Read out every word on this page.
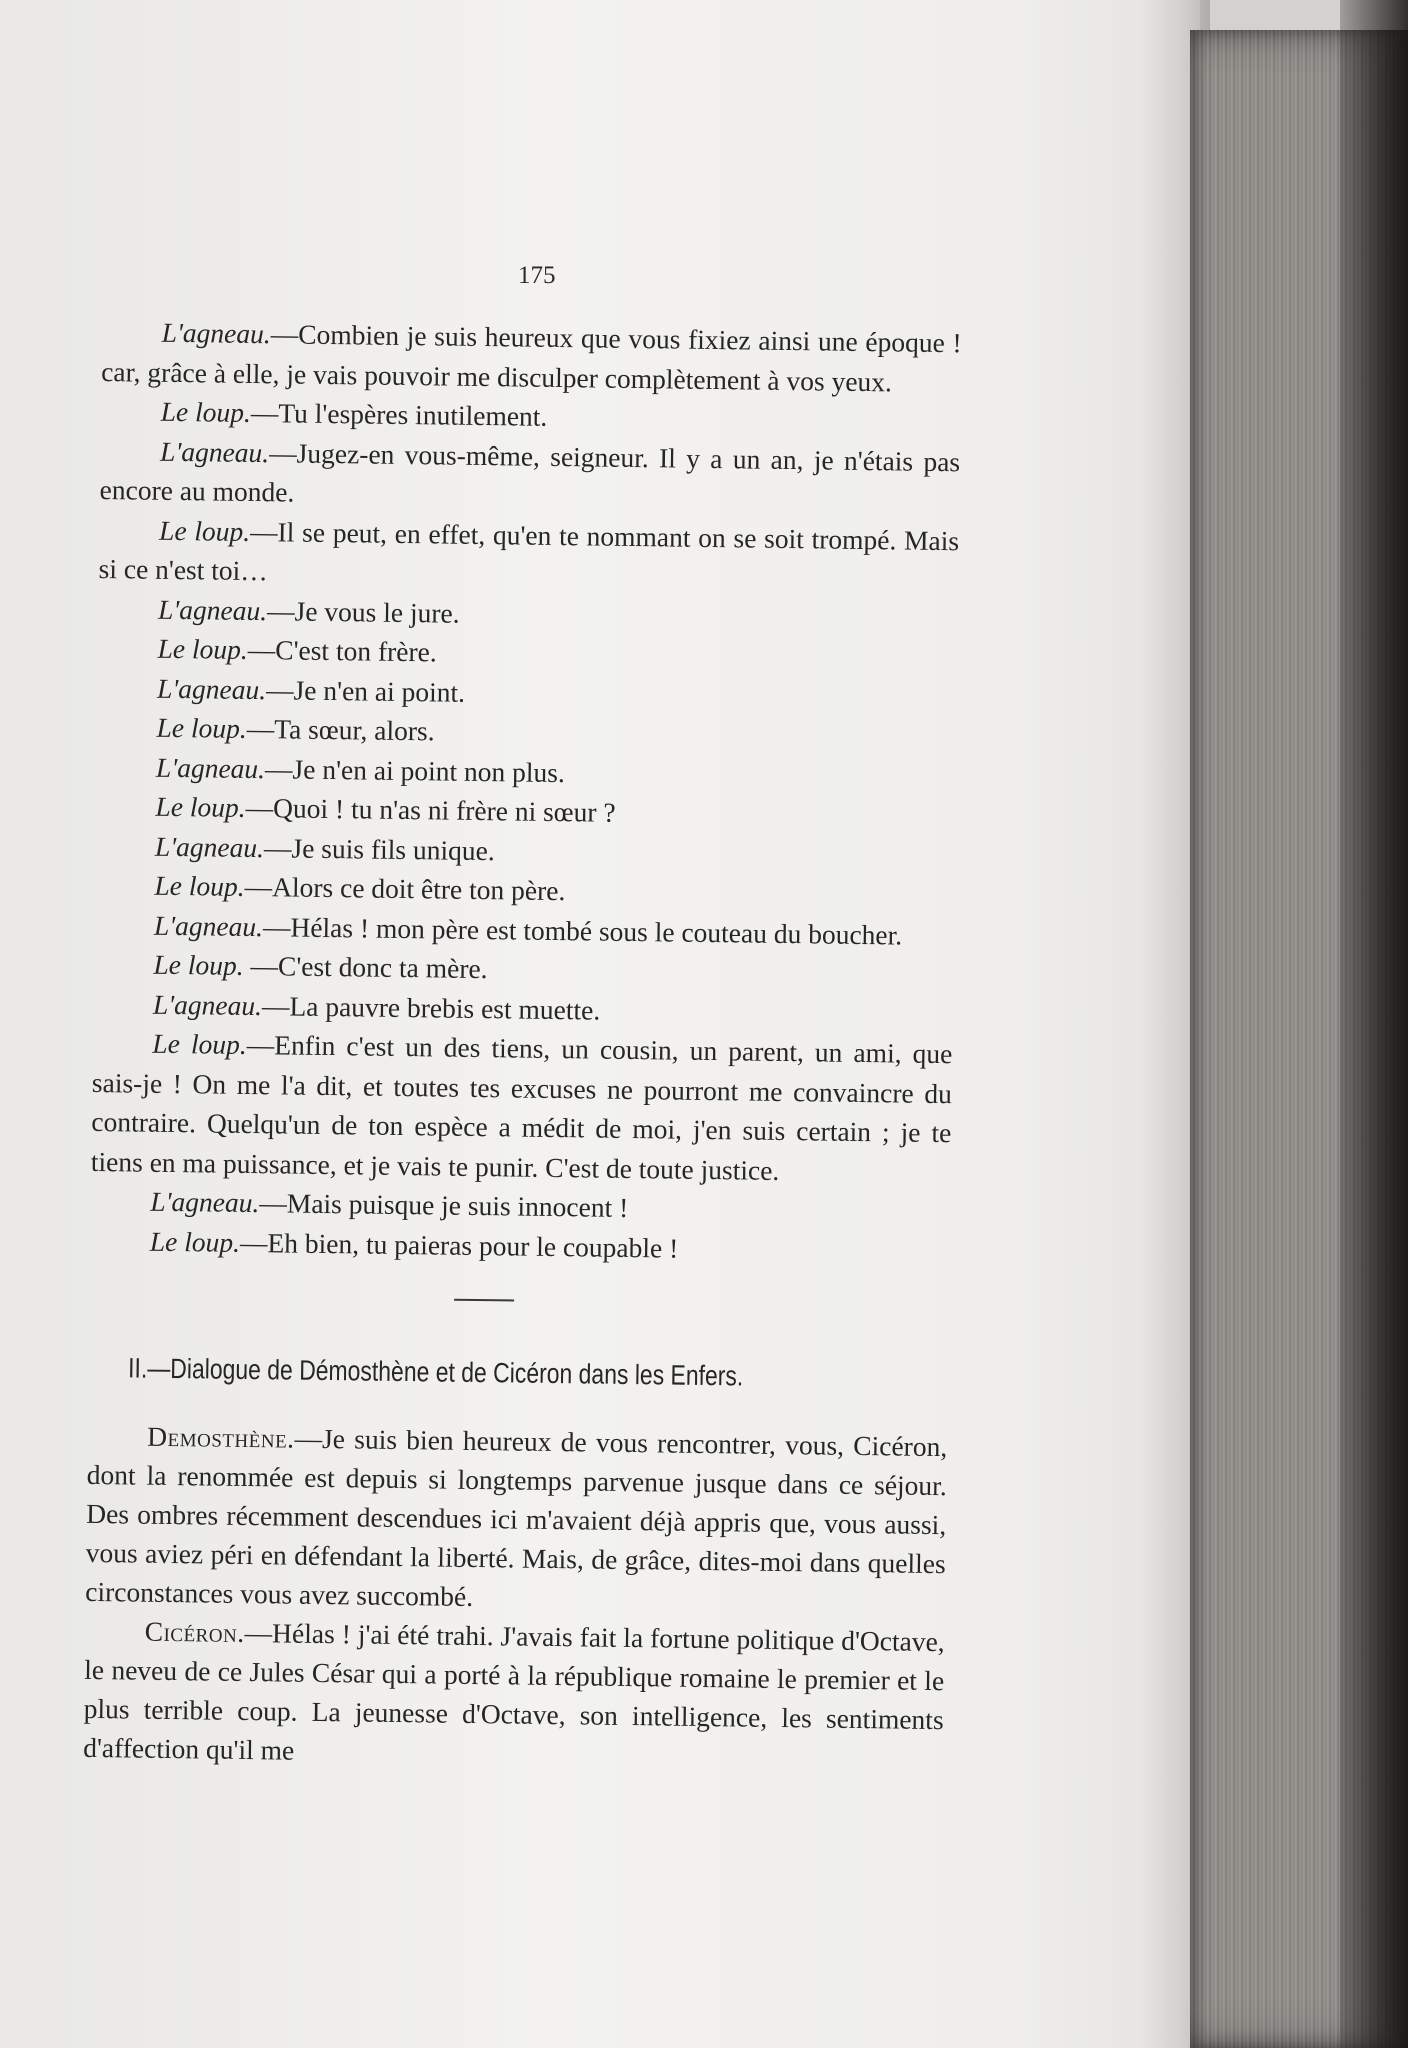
175

L'agneau.—Combien je suis heureux que vous fixiez ainsi une époque ! car, grâce à elle, je vais pouvoir me disculper complètement à vos yeux.

Le loup.—Tu l'espères inutilement.

L'agneau.—Jugez-en vous-même, seigneur. Il y a un an, je n'étais pas encore au monde.

Le loup.—Il se peut, en effet, qu'en te nommant on se soit trompé. Mais si ce n'est toi…

L'agneau.—Je vous le jure.

Le loup.—C'est ton frère.

L'agneau.—Je n'en ai point.

Le loup.—Ta sœur, alors.

L'agneau.—Je n'en ai point non plus.

Le loup.—Quoi ! tu n'as ni frère ni sœur ?

L'agneau.—Je suis fils unique.

Le loup.—Alors ce doit être ton père.

L'agneau.—Hélas ! mon père est tombé sous le couteau du boucher.

Le loup. —C'est donc ta mère.

L'agneau.—La pauvre brebis est muette.

Le loup.—Enfin c'est un des tiens, un cousin, un parent, un ami, que sais-je ! On me l'a dit, et toutes tes excuses ne pourront me convaincre du contraire. Quelqu'un de ton espèce a médit de moi, j'en suis certain ; je te tiens en ma puissance, et je vais te punir. C'est de toute justice.

L'agneau.—Mais puisque je suis innocent !

Le loup.—Eh bien, tu paieras pour le coupable !

II.—Dialogue de Démosthène et de Cicéron dans les Enfers.

Demosthène.—Je suis bien heureux de vous rencontrer, vous, Cicéron, dont la renommée est depuis si longtemps parvenue jusque dans ce séjour. Des ombres récemment descendues ici m'avaient déjà appris que, vous aussi, vous aviez péri en défendant la liberté. Mais, de grâce, dites-moi dans quelles circonstances vous avez succombé.

Cicéron.—Hélas ! j'ai été trahi. J'avais fait la fortune politique d'Octave, le neveu de ce Jules César qui a porté à la république romaine le premier et le plus terrible coup. La jeunesse d'Octave, son intelligence, les sentiments d'affection qu'il me
